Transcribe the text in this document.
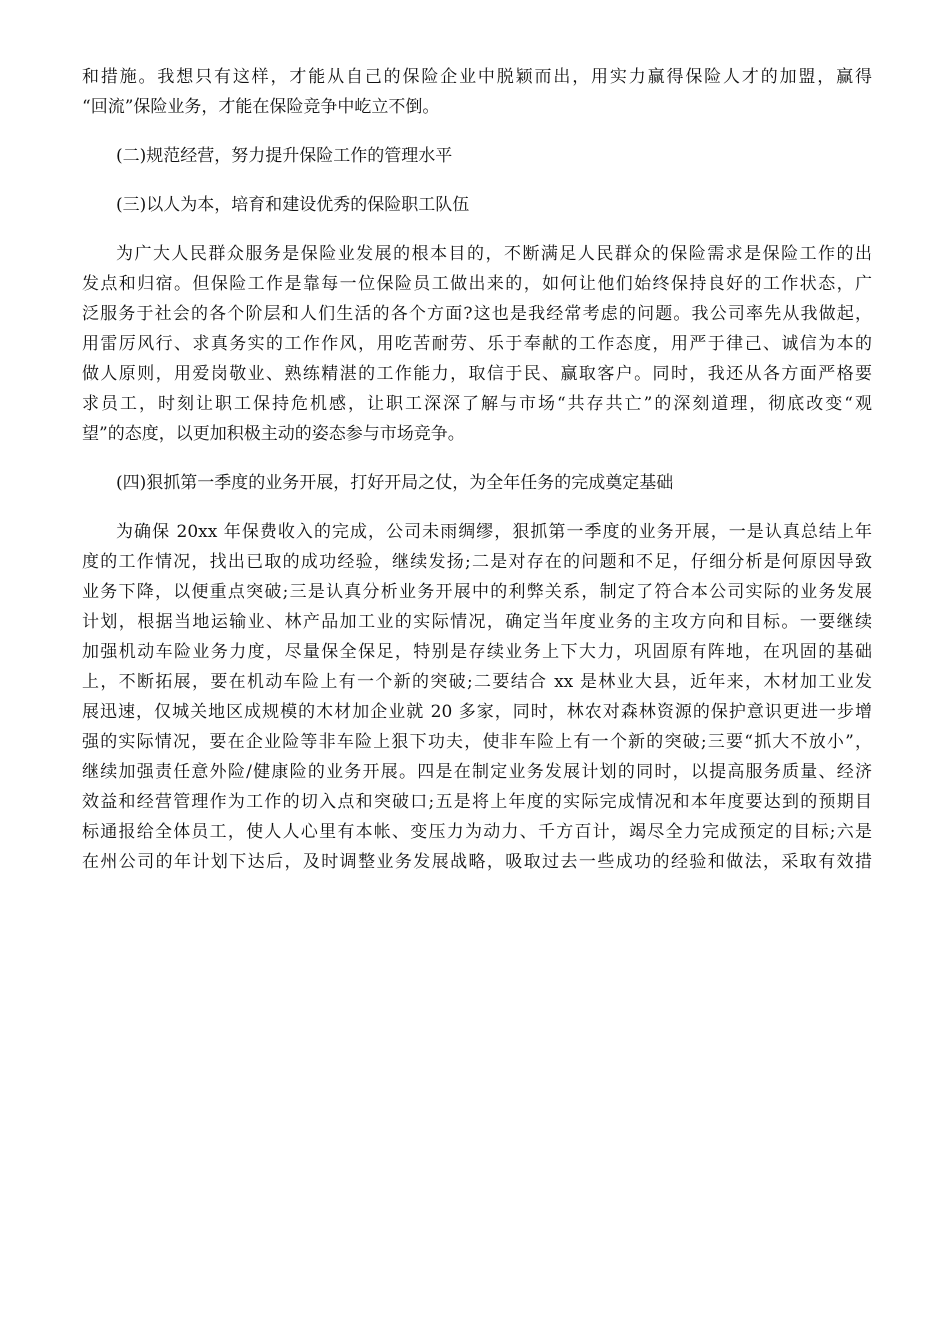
和措施。我想只有这样，才能从自己的保险企业中脱颖而出，用实力赢得保险人才的加盟，赢得
“回流”保险业务，才能在保险竞争中屹立不倒。
(二)规范经营，努力提升保险工作的管理水平
(三)以人为本，培育和建设优秀的保险职工队伍
为广大人民群众服务是保险业发展的根本目的，不断满足人民群众的保险需求是保险工作的出
发点和归宿。但保险工作是靠每一位保险员工做出来的，如何让他们始终保持良好的工作状态，广
泛服务于社会的各个阶层和人们生活的各个方面?这也是我经常考虑的问题。我公司率先从我做起，
用雷厉风行、求真务实的工作作风，用吃苦耐劳、乐于奉献的工作态度，用严于律己、诚信为本的
做人原则，用爱岗敬业、熟练精湛的工作能力，取信于民、赢取客户。同时，我还从各方面严格要
求员工，时刻让职工保持危机感，让职工深深了解与市场“共存共亡”的深刻道理，彻底改变“观
望”的态度，以更加积极主动的姿态参与市场竞争。
(四)狠抓第一季度的业务开展，打好开局之仗，为全年任务的完成奠定基础
为确保 20xx 年保费收入的完成，公司未雨绸缪，狠抓第一季度的业务开展，一是认真总结上年
度的工作情况，找出已取的成功经验，继续发扬;二是对存在的问题和不足，仔细分析是何原因导致
业务下降，以便重点突破;三是认真分析业务开展中的利弊关系，制定了符合本公司实际的业务发展
计划，根据当地运输业、林产品加工业的实际情况，确定当年度业务的主攻方向和目标。一要继续
加强机动车险业务力度，尽量保全保足，特别是存续业务上下大力，巩固原有阵地，在巩固的基础
上，不断拓展，要在机动车险上有一个新的突破;二要结合 xx 是林业大县，近年来，木材加工业发
展迅速，仅城关地区成规模的木材加企业就 20 多家，同时，林农对森林资源的保护意识更进一步增
强的实际情况，要在企业险等非车险上狠下功夫，使非车险上有一个新的突破;三要“抓大不放小”，
继续加强责任意外险/健康险的业务开展。四是在制定业务发展计划的同时，以提高服务质量、经济
效益和经营管理作为工作的切入点和突破口;五是将上年度的实际完成情况和本年度要达到的预期目
标通报给全体员工，使人人心里有本帐、变压力为动力、千方百计，竭尽全力完成预定的目标;六是
在州公司的年计划下达后，及时调整业务发展战略，吸取过去一些成功的经验和做法，采取有效措
